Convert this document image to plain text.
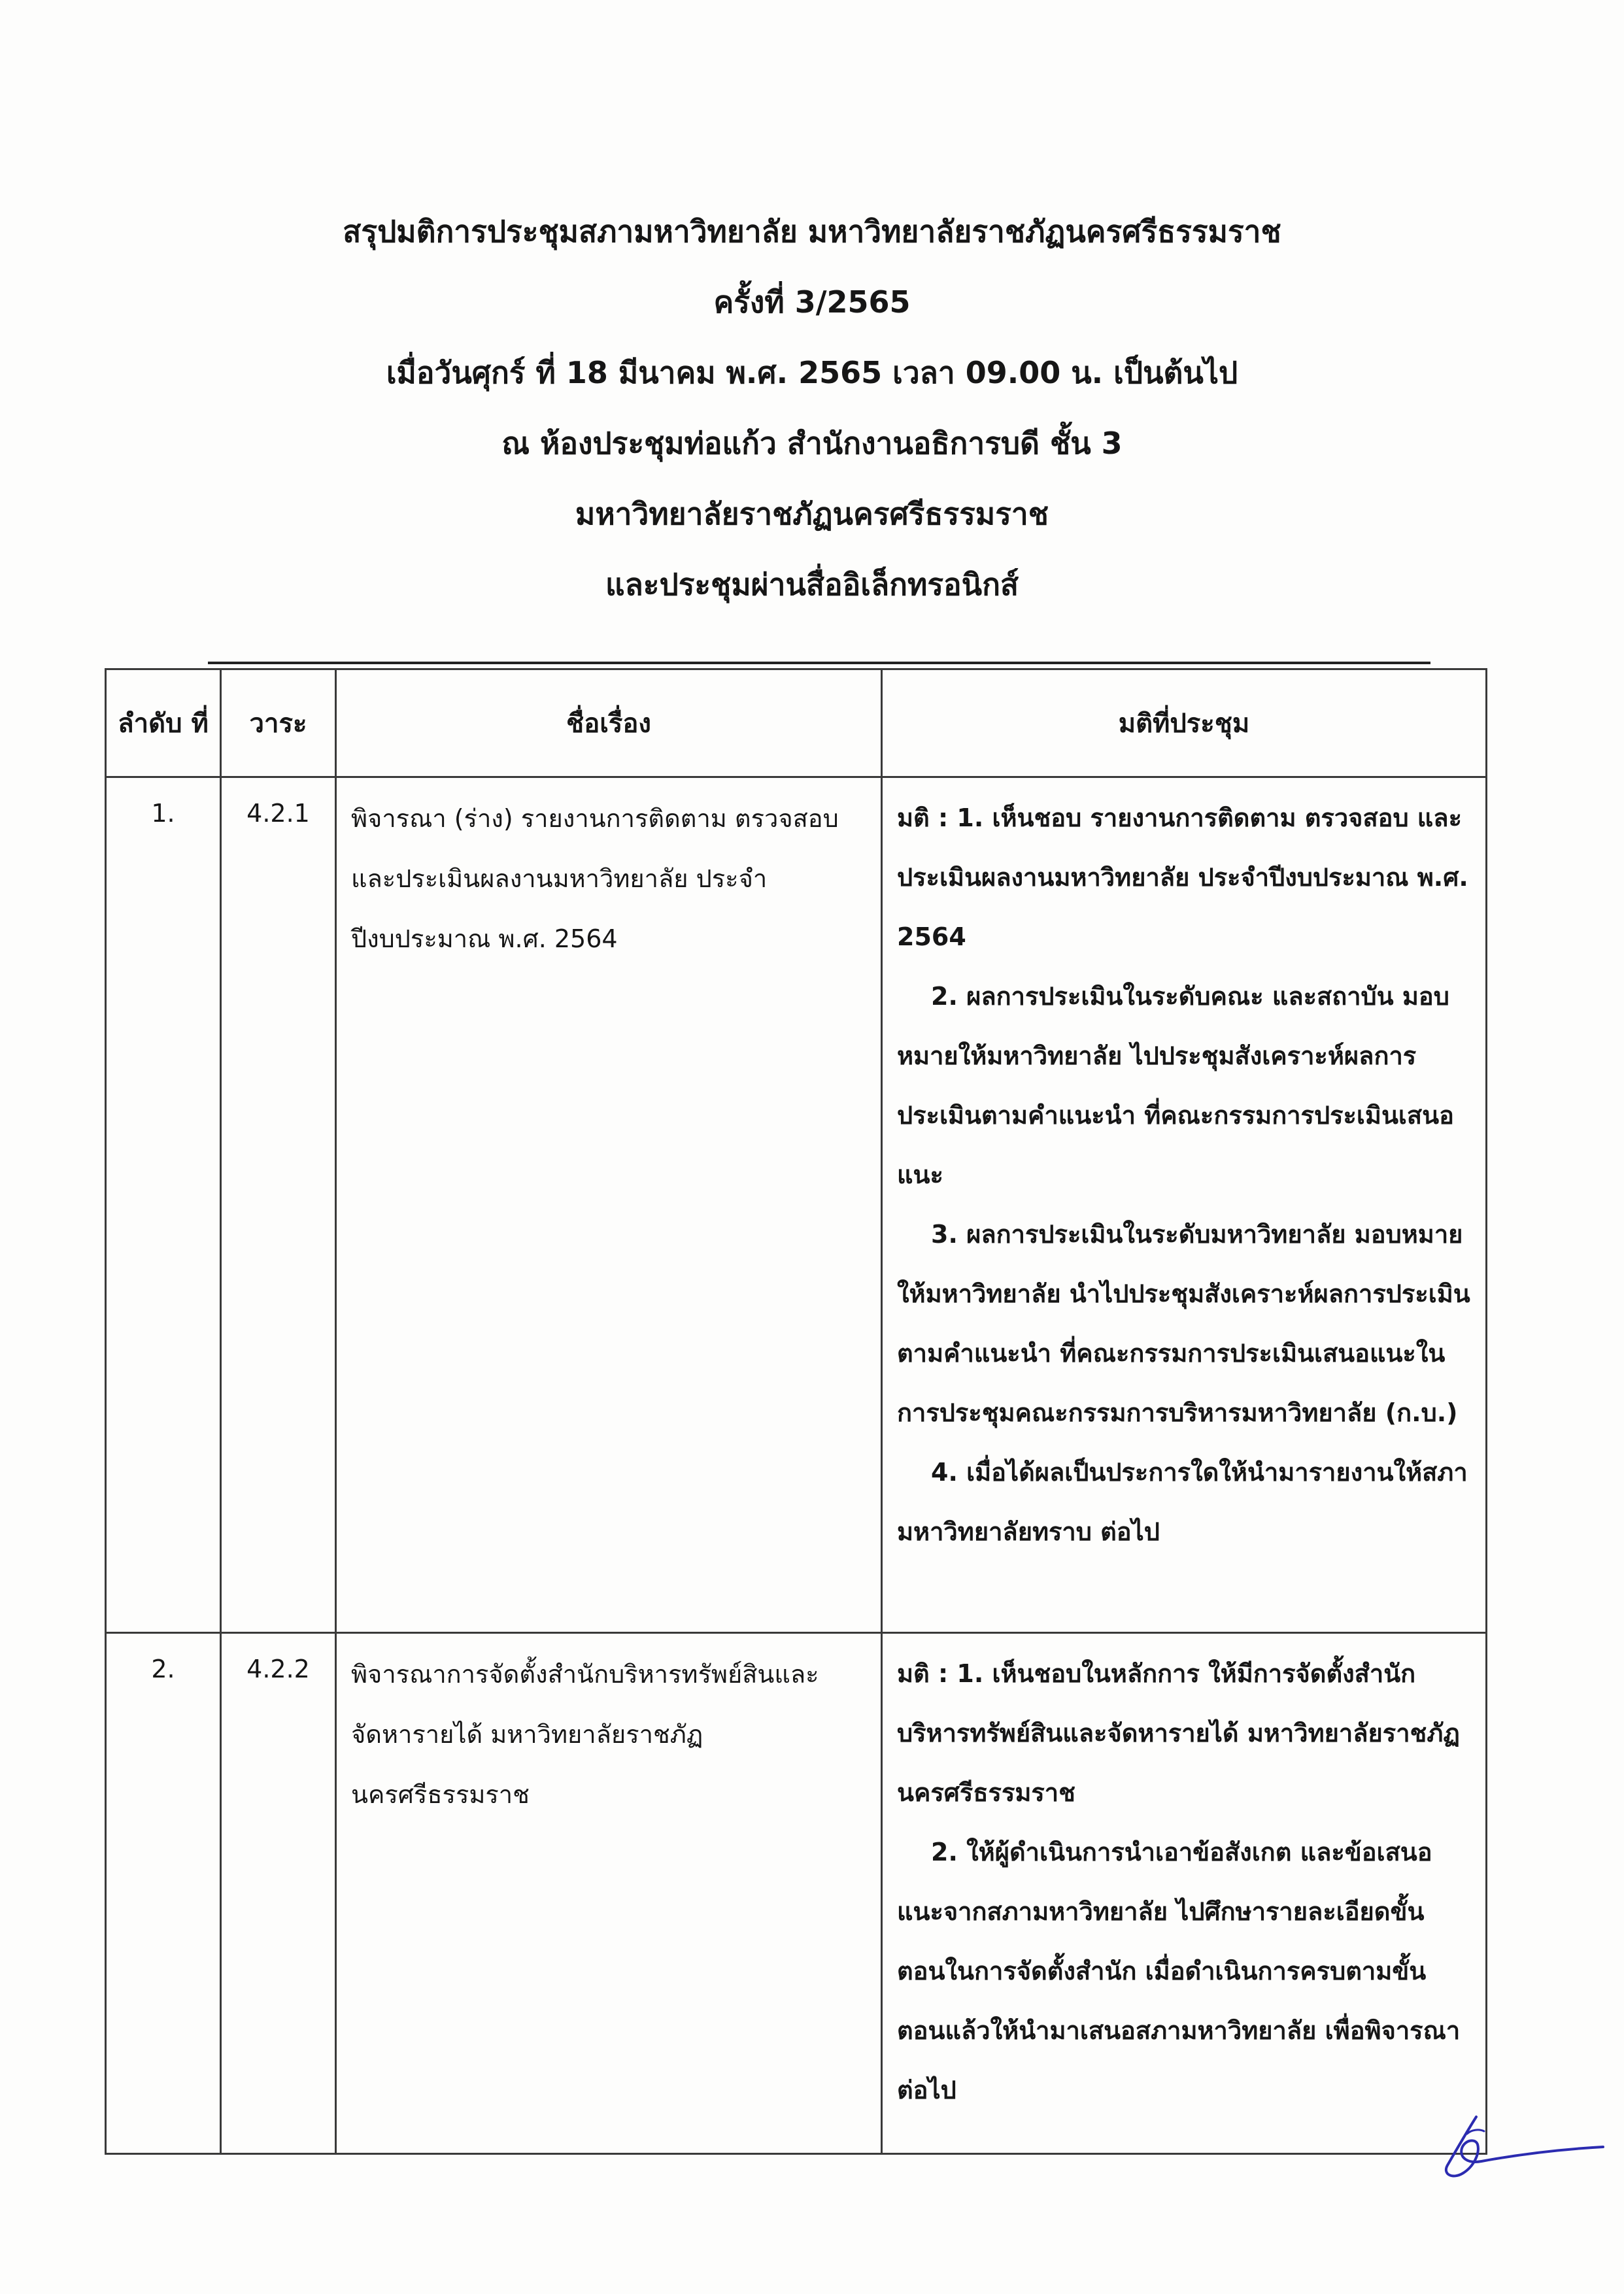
สรุปมติการประชุมสภามหาวิทยาลัย มหาวิทยาลัยราชภัฏนครศรีธรรมราช
ครั้งที่ 3/2565
เมื่อวันศุกร์ ที่ 18 มีนาคม พ.ศ. 2565 เวลา 09.00 น. เป็นต้นไป
ณ ห้องประชุมท่อแก้ว สำนักงานอธิการบดี ชั้น 3
มหาวิทยาลัยราชภัฏนครศรีธรรมราช
และประชุมผ่านสื่ออิเล็กทรอนิกส์
ลำดับ ที่	วาระ	ชื่อเรื่อง	มติที่ประชุม
1.	4.2.1	พิจารณา (ร่าง) รายงานการติดตาม ตรวจสอบ และประเมินผลงานมหาวิทยาลัย ประจำปีงบประมาณ พ.ศ. 2564	มติ : 1. เห็นชอบ รายงานการติดตาม ตรวจสอบ และประเมินผลงานมหาวิทยาลัย ประจำปีงบประมาณ พ.ศ. 2564

2. ผลการประเมินในระดับคณะ และสถาบัน มอบหมายให้มหาวิทยาลัย ไปประชุมสังเคราะห์ผลการประเมินตามคำแนะนำ ที่คณะกรรมการประเมินเสนอแนะ

3. ผลการประเมินในระดับมหาวิทยาลัย มอบหมายให้มหาวิทยาลัย นำไปประชุมสังเคราะห์ผลการประเมินตามคำแนะนำ ที่คณะกรรมการประเมินเสนอแนะในการประชุมคณะกรรมการบริหารมหาวิทยาลัย (ก.บ.)

4. เมื่อได้ผลเป็นประการใดให้นำมารายงานให้สภามหาวิทยาลัยทราบ ต่อไป

2.	4.2.2	พิจารณาการจัดตั้งสำนักบริหารทรัพย์สินและจัดหารายได้ มหาวิทยาลัยราชภัฏนครศรีธรรมราช	มติ : 1. เห็นชอบในหลักการ ให้มีการจัดตั้งสำนักบริหารทรัพย์สินและจัดหารายได้ มหาวิทยาลัยราชภัฏนครศรีธรรมราช

2. ให้ผู้ดำเนินการนำเอาข้อสังเกต และข้อเสนอแนะจากสภามหาวิทยาลัย ไปศึกษารายละเอียดขั้นตอนในการจัดตั้งสำนัก เมื่อดำเนินการครบตามขั้นตอนแล้วให้นำมาเสนอสภามหาวิทยาลัย เพื่อพิจารณาต่อไป
